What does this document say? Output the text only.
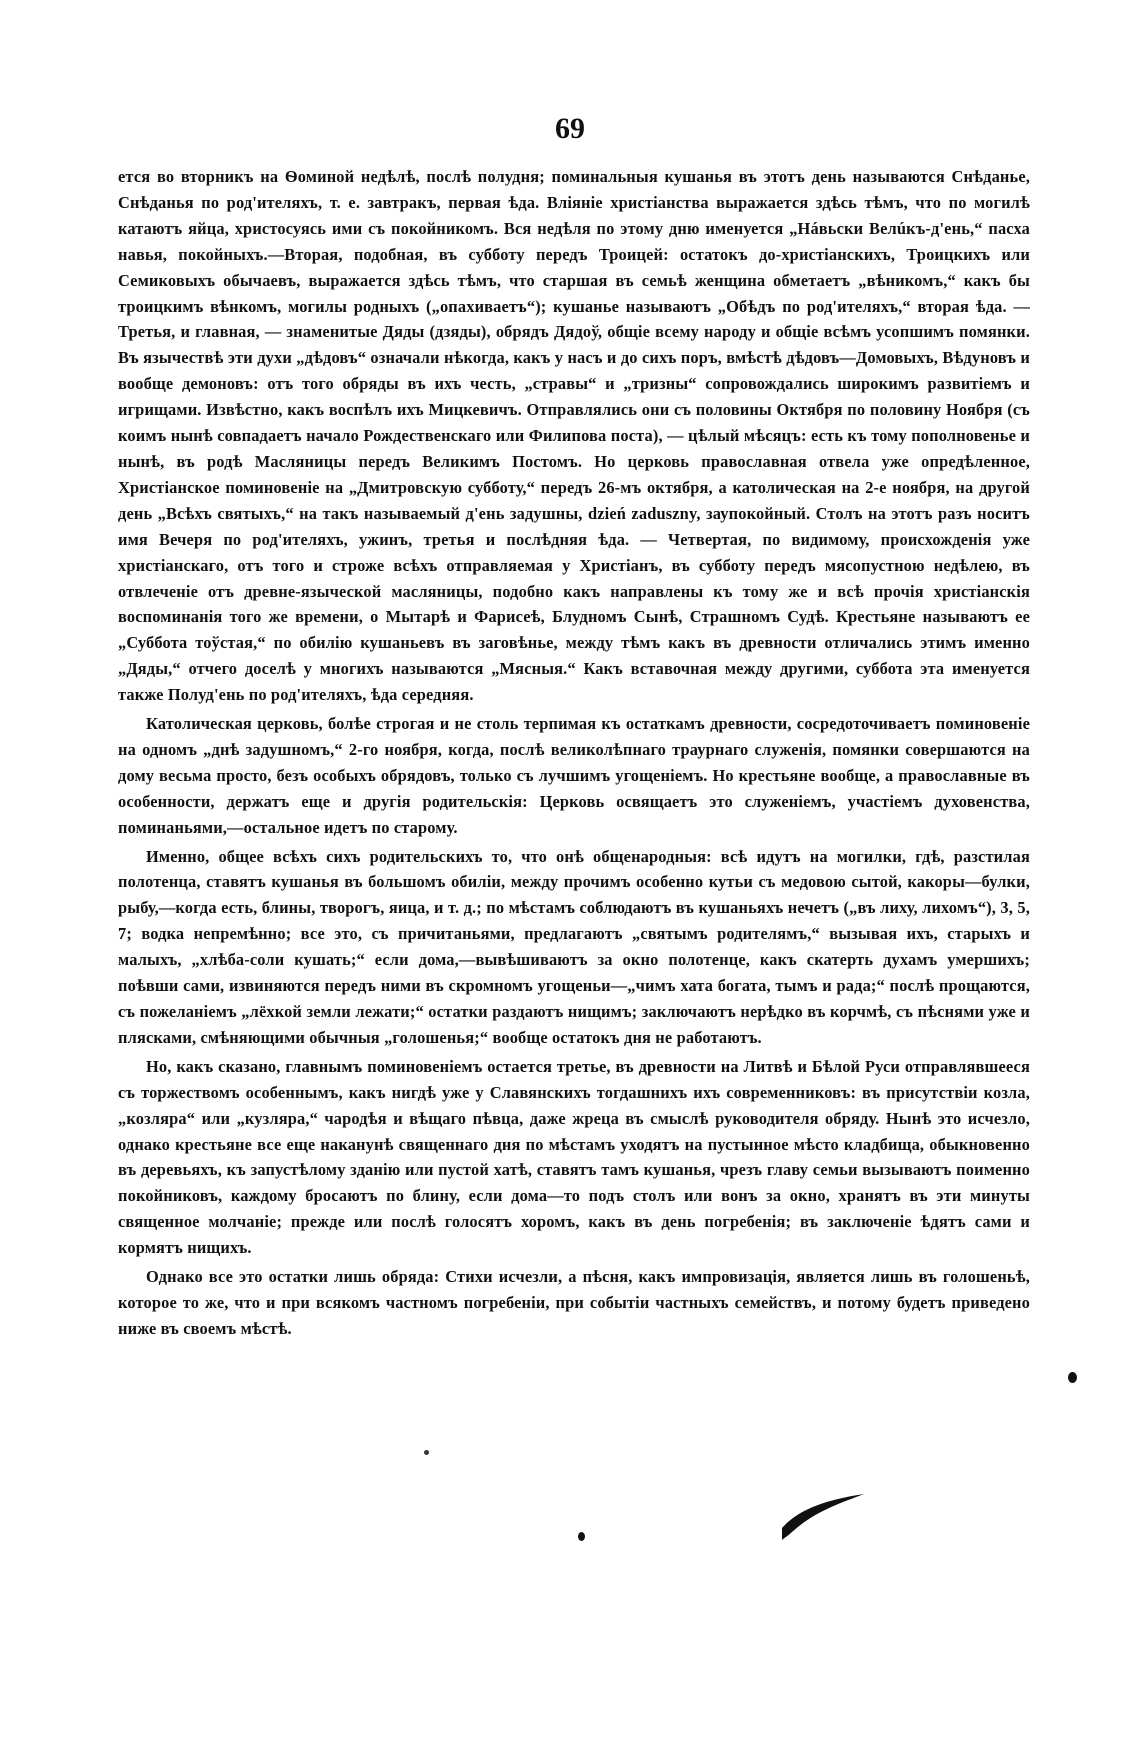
69

ется во вторникъ на Ѳоминой недѣлѣ, послѣ полудня; поминальныя кушанья въ этотъ день называются Снѣданье, Снѣданья по род'ителяхъ, т. е. завтракъ, первая ѣда. Вліяніе христіанства выражается здѣсь тѣмъ, что по могилѣ катаютъ яйца, христосуясь ими съ покойникомъ. Вся недѣля по этому дню именуется „Нáвьски Велúкъ-д'ень,“ пасха навья, покойныхъ.—Вторая, подобная, въ субботу передъ Троицей: остатокъ до-христіанскихъ, Троицкихъ или Семиковыхъ обычаевъ, выражается здѣсь тѣмъ, что старшая въ семьѣ женщина обметаетъ „вѣникомъ,“ какъ бы троицкимъ вѣнкомъ, могилы родныхъ („опахиваетъ“); кушанье называютъ „Обѣдъ по род'ителяхъ,“ вторая ѣда. — Третья, и главная, — знаменитые Дяды (дзяды), обрядъ Дядоў, общіе всему народу и общіе всѣмъ усопшимъ помянки. Въ язычествѣ эти духи „дѣдовъ“ означали нѣкогда, какъ у насъ и до сихъ поръ, вмѣстѣ дѣдовъ—Домовыхъ, Вѣдуновъ и вообще демоновъ: отъ того обряды въ ихъ честь, „стравы“ и „тризны“ сопровождались широкимъ развитіемъ и игрищами. Извѣстно, какъ воспѣлъ ихъ Мицкевичъ. Отправлялись они съ половины Октября по половину Ноября (съ коимъ нынѣ совпадаетъ начало Рождественскаго или Филипова поста), — цѣлый мѣсяцъ: есть къ тому пополновенье и нынѣ, въ родѣ Масляницы передъ Великимъ Постомъ. Но церковь православная отвела уже опредѣленное, Христіанское поминовеніе на „Дмитровскую субботу,“ передъ 26-мъ октября, а католическая на 2-е ноября, на другой день „Всѣхъ святыхъ,“ на такъ называемый д'ень задушны, dzień zaduszny, заупокойный. Столъ на этотъ разъ носитъ имя Вечеря по род'ителяхъ, ужинъ, третья и послѣдняя ѣда. — Четвертая, по видимому, происхожденія уже христіанскаго, отъ того и строже всѣхъ отправляемая у Христіанъ, въ субботу передъ мясопустною недѣлею, въ отвлеченіе отъ древне-языческой масляницы, подобно какъ направлены къ тому же и всѣ прочія христіанскія воспоминанія того же времени, о Мытарѣ и Фарисеѣ, Блудномъ Сынѣ, Страшномъ Судѣ. Крестьяне называютъ ее „Суббота тоўстая,“ по обилію кушаньевъ въ заговѣнье, между тѣмъ какъ въ древности отличались этимъ именно „Дяды,“ отчего доселѣ у многихъ называются „Мясныя.“ Какъ вставочная между другими, суббота эта именуется также Полуд'ень по род'ителяхъ, ѣда середняя.

Католическая церковь, болѣе строгая и не столь терпимая къ остаткамъ древности, сосредоточиваетъ поминовеніе на одномъ „днѣ задушномъ,“ 2-го ноября, когда, послѣ великолѣпнаго траурнаго служенія, помянки совершаются на дому весьма просто, безъ особыхъ обрядовъ, только съ лучшимъ угощеніемъ. Но крестьяне вообще, а православные въ особенности, держатъ еще и другія родительскія: Церковь освящаетъ это служеніемъ, участіемъ духовенства, поминаньями,—остальное идетъ по старому.

Именно, общее всѣхъ сихъ родительскихъ то, что онѣ общенародныя: всѣ идутъ на могилки, гдѣ, разстилая полотенца, ставятъ кушанья въ большомъ обиліи, между прочимъ особенно кутьи съ медовою сытой, какоры—булки, рыбу,—когда есть, блины, творогъ, яица, и т. д.; по мѣстамъ соблюдаютъ въ кушаньяхъ нечетъ („въ лиху, лихомъ“), 3, 5, 7; водка непремѣнно; все это, съ причитаньями, предлагаютъ „святымъ родителямъ,“ вызывая ихъ, старыхъ и малыхъ, „хлѣба-соли кушать;“ если дома,—вывѣшиваютъ за окно полотенце, какъ скатерть духамъ умершихъ; поѣвши сами, извиняются передъ ними въ скромномъ угощеньи—„чимъ хата богата, тымъ и рада;“ послѣ прощаются, съ пожеланіемъ „лёхкой земли лежати;“ остатки раздаютъ нищимъ; заключаютъ нерѣдко въ корчмѣ, съ пѣснями уже и плясками, смѣняющими обычныя „голошенья;“ вообще остатокъ дня не работаютъ.

Но, какъ сказано, главнымъ поминовеніемъ остается третье, въ древности на Литвѣ и Бѣлой Руси отправлявшееся съ торжествомъ особеннымъ, какъ нигдѣ уже у Славянскихъ тогдашнихъ ихъ современниковъ: въ присутствіи козла, „козляра“ или „кузляра,“ чародѣя и вѣщаго пѣвца, даже жреца въ смыслѣ руководителя обряду. Нынѣ это исчезло, однако крестьяне все еще наканунѣ священнаго дня по мѣстамъ уходятъ на пустынное мѣсто кладбища, обыкновенно въ деревьяхъ, къ запустѣлому зданію или пустой хатѣ, ставятъ тамъ кушанья, чрезъ главу семьи вызываютъ поименно покойниковъ, каждому бросаютъ по блину, если дома—то подъ столъ или вонъ за окно, хранятъ въ эти минуты священное молчаніе; прежде или послѣ голосятъ хоромъ, какъ въ день погребенія; въ заключеніе ѣдятъ сами и кормятъ нищихъ.

Однако все это остатки лишь обряда: Стихи исчезли, а пѣсня, какъ импровизація, является лишь въ голошеньѣ, которое то же, что и при всякомъ частномъ погребеніи, при событіи частныхъ семействъ, и потому будетъ приведено ниже въ своемъ мѣстѣ.
